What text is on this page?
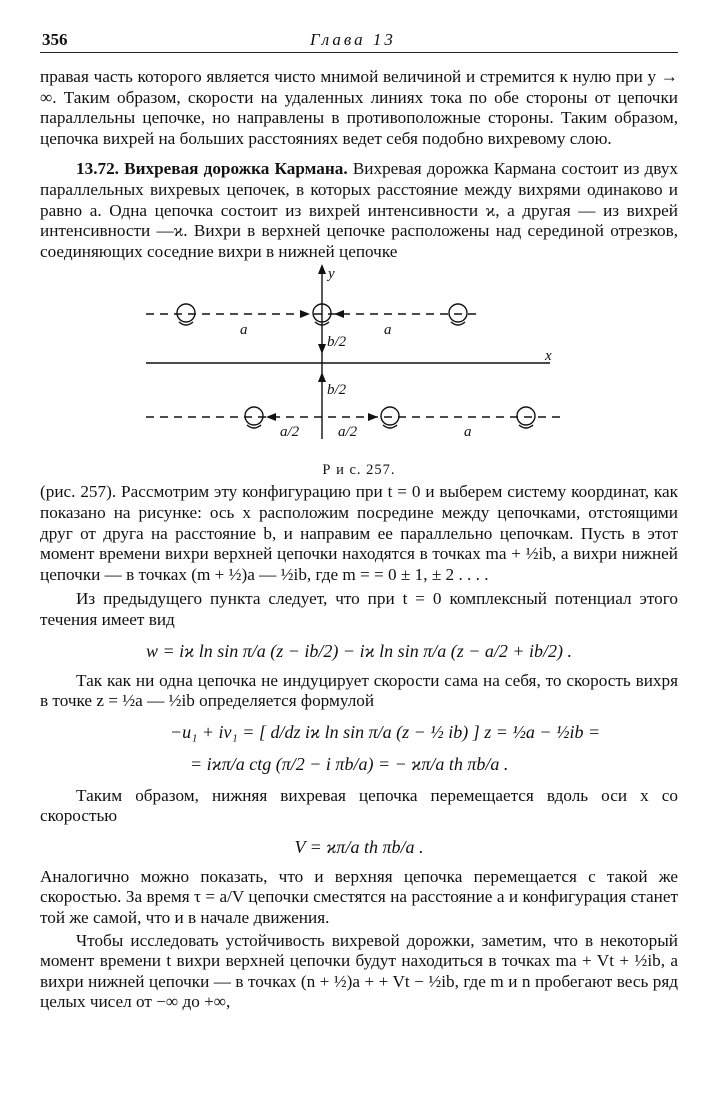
356	Глава 13

правая часть которого является чисто мнимой величиной и стремится к нулю при y → ∞. Таким образом, скорости на удаленных линиях тока по обе стороны от цепочки параллельны цепочке, но направлены в противоположные стороны. Таким образом, цепочка вихрей на больших расстояниях ведет себя подобно вихревому слою.

13.72. Вихревая дорожка Кармана. Вихревая дорожка Кармана состоит из двух параллельных вихревых цепочек, в которых расстояние между вихрями одинаково и равно a. Одна цепочка состоит из вихрей интенсивности ϰ, а другая — из вихрей интенсивности —ϰ. Вихри в верхней цепочке расположены над серединой отрезков, соединяющих соседние вихри в нижней цепочке

y
x
a	a
b/2
b/2
a/2	a/2	a
Р и с. 257.

(рис. 257). Рассмотрим эту конфигурацию при t = 0 и выберем систему координат, как показано на рисунке: ось x расположим посредине между цепочками, отстоящими друг от друга на расстояние b, и направим ее параллельно цепочкам. Пусть в этот момент времени вихри верхней цепочки находятся в точках ma + ½ib, а вихри нижней цепочки — в точках (m + ½)a — ½ib, где m = = 0 ± 1, ± 2 . . . .

Из предыдущего пункта следует, что при t = 0 комплексный потенциал этого течения имеет вид

w = iϰ ln sin π/a (z − ib/2) − iϰ ln sin π/a (z − a/2 + ib/2) .

Так как ни одна цепочка не индуцирует скорости сама на себя, то скорость вихря в точке z = ½a — ½ib определяется формулой

−u₁ + iv₁ = [ d/dz iϰ ln sin π/a (z − ½ ib) ] z = ½a − ½ib =
= iϰπ/a ctg (π/2 − i πb/a) = − ϰπ/a th πb/a .

Таким образом, нижняя вихревая цепочка перемещается вдоль оси x со скоростью

V = ϰπ/a th πb/a .

Аналогично можно показать, что и верхняя цепочка перемещается с такой же скоростью. За время τ = a/V цепочки сместятся на расстояние a и конфигурация станет той же самой, что и в начале движения.

Чтобы исследовать устойчивость вихревой дорожки, заметим, что в некоторый момент времени t вихри верхней цепочки будут находиться в точках ma + Vt + ½ib, а вихри нижней цепочки — в точках (n + ½)a + + Vt − ½ib, где m и n пробегают весь ряд целых чисел от −∞ до +∞,
